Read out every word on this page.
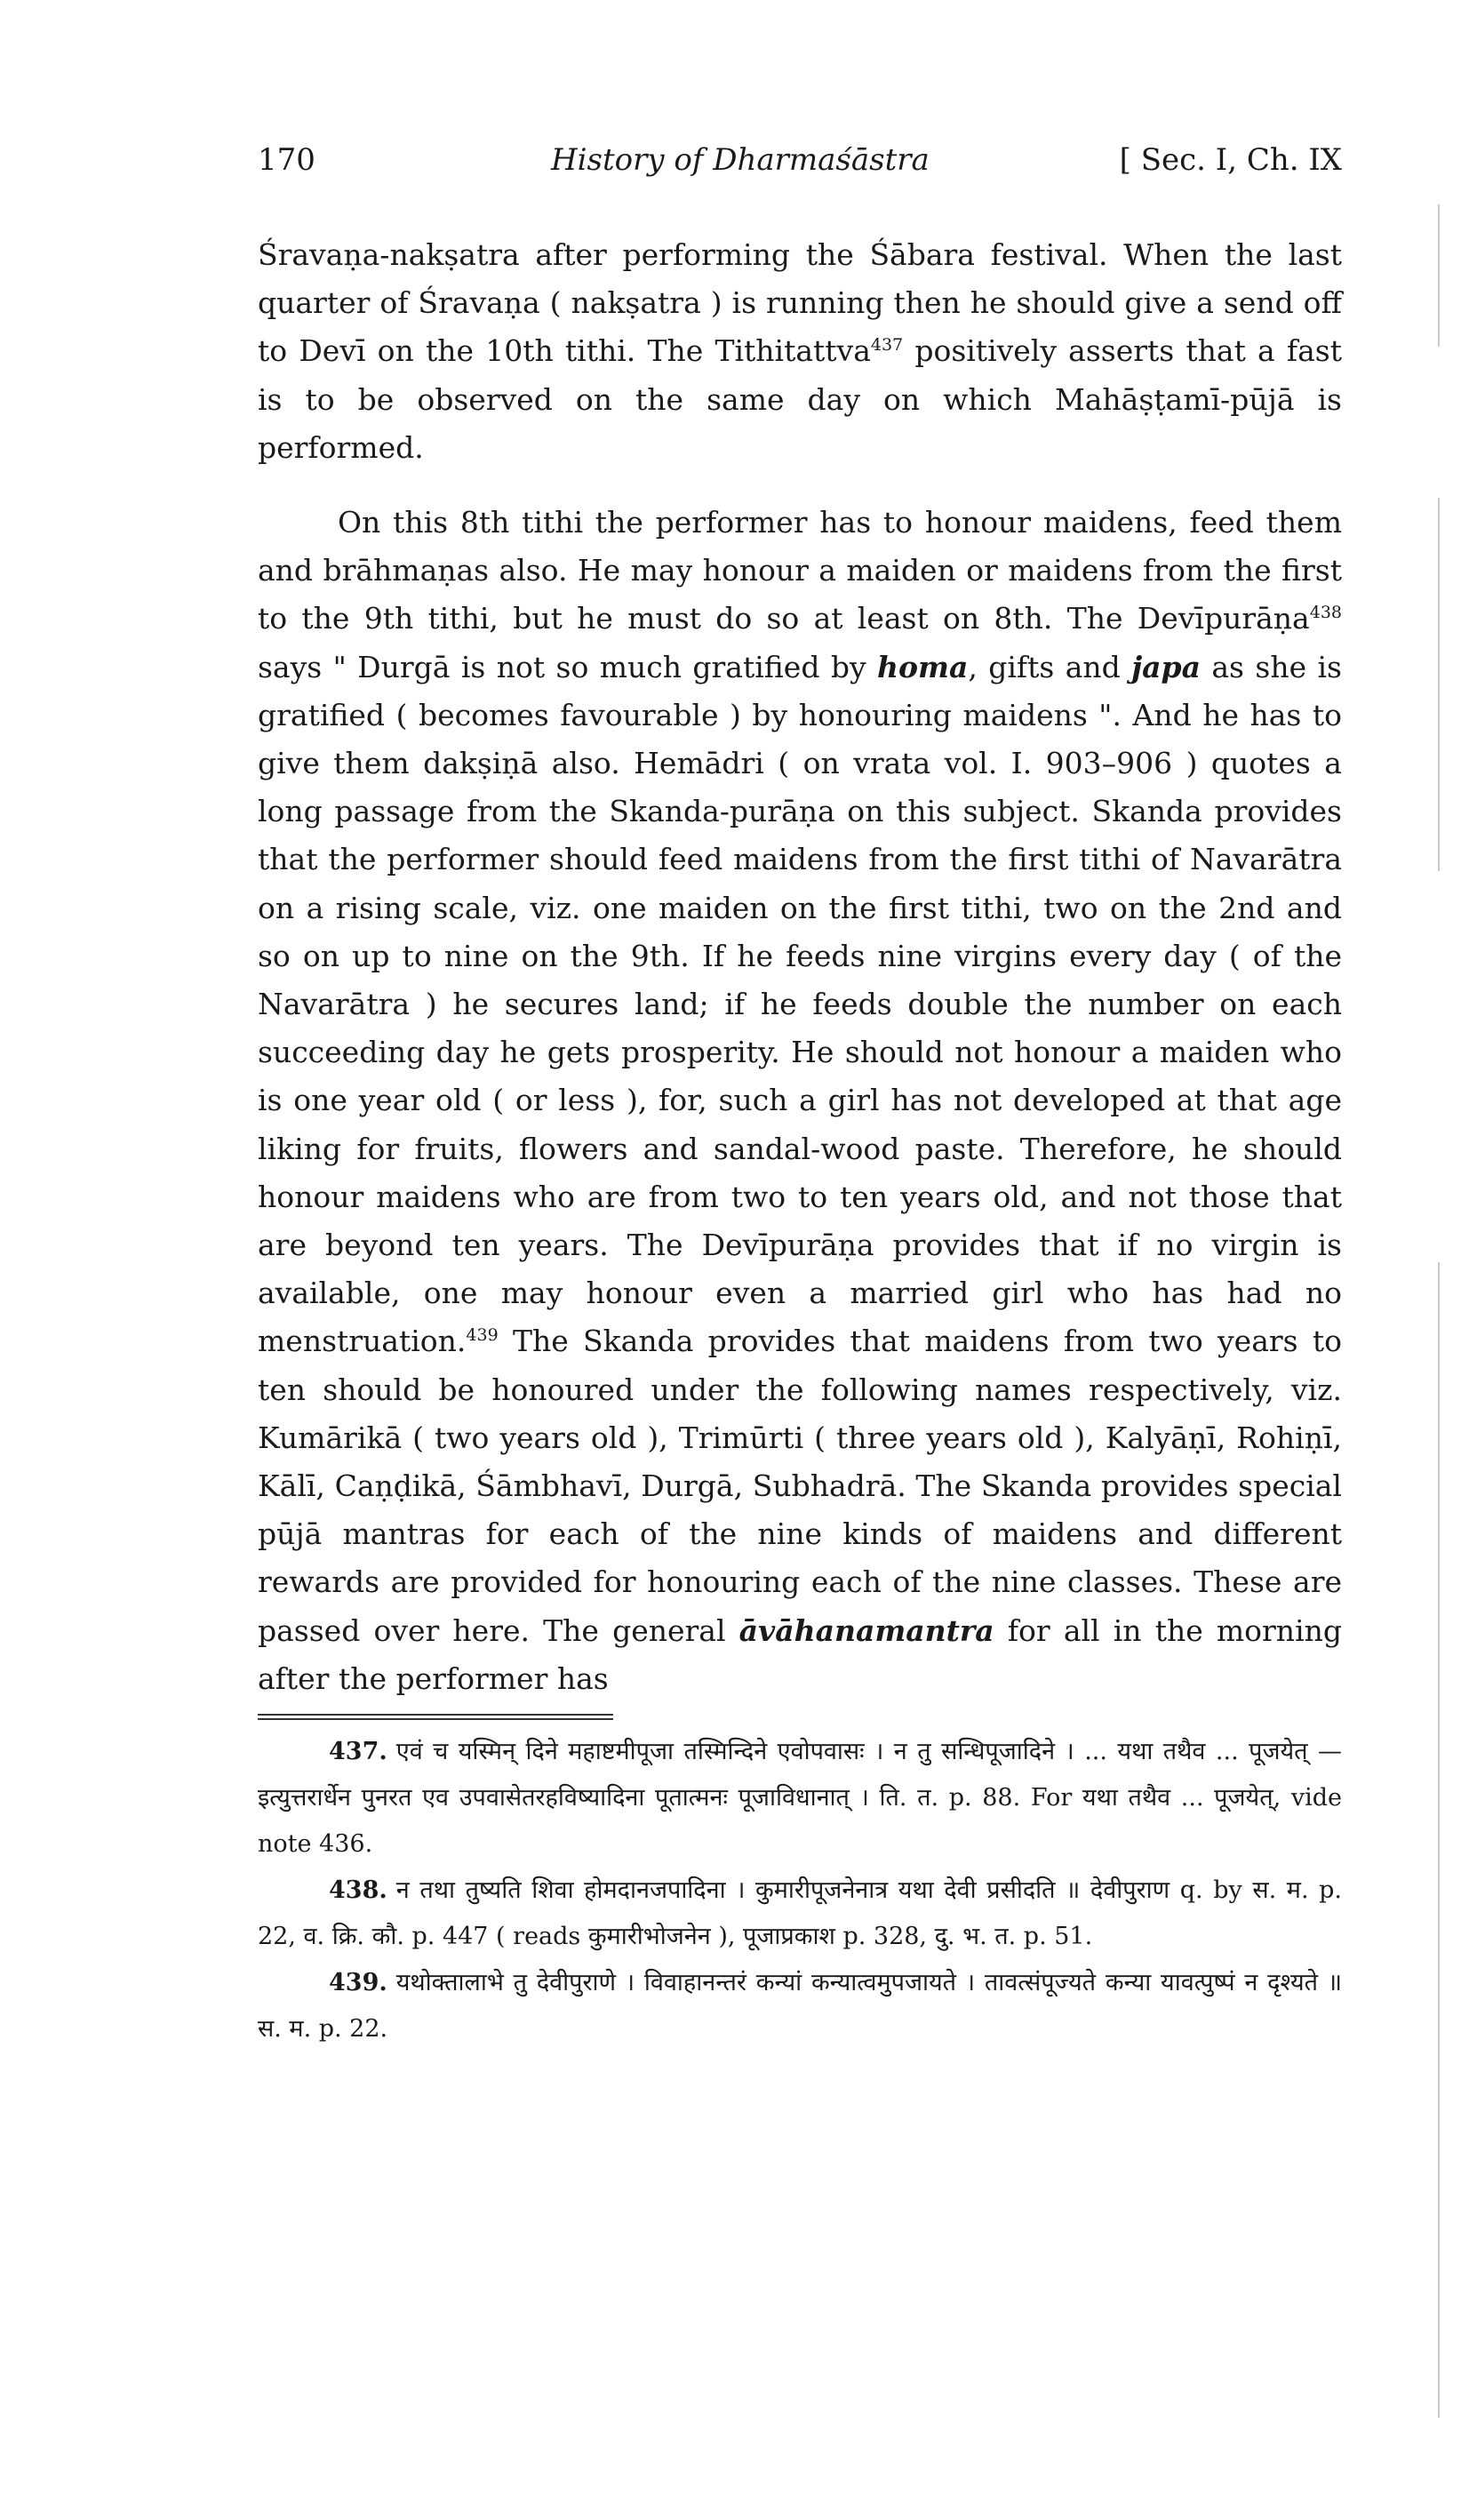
170	History of Dharmaśāstra	[ Sec. I, Ch. IX

Śravaṇa-nakṣatra after performing the Śābara festival. When the last quarter of Śravaṇa ( nakṣatra ) is running then he should give a send off to Devī on the 10th tithi. The Tithitattva$^{437}$ positively asserts that a fast is to be observed on the same day on which Mahāṣṭamī-pūjā is performed.

On this 8th tithi the performer has to honour maidens, feed them and brāhmaṇas also. He may honour a maiden or maidens from the first to the 9th tithi, but he must do so at least on 8th. The Devīpurāṇa$^{438}$ says " Durgā is not so much gratified by homa, gifts and japa as she is gratified ( becomes favourable ) by honouring maidens ". And he has to give them dakṣiṇā also. Hemādri ( on vrata vol. I. 903–906 ) quotes a long passage from the Skanda-purāṇa on this subject. Skanda provides that the performer should feed maidens from the first tithi of Navarātra on a rising scale, viz. one maiden on the first tithi, two on the 2nd and so on up to nine on the 9th. If he feeds nine virgins every day ( of the Navarātra ) he secures land; if he feeds double the number on each succeeding day he gets prosperity. He should not honour a maiden who is one year old ( or less ), for, such a girl has not developed at that age liking for fruits, flowers and sandal-wood paste. Therefore, he should honour maidens who are from two to ten years old, and not those that are beyond ten years. The Devīpurāṇa provides that if no virgin is available, one may honour even a married girl who has had no menstruation.$^{439}$ The Skanda provides that maidens from two years to ten should be honoured under the following names respectively, viz. Kumārikā ( two years old ), Trimūrti ( three years old ), Kalyāṇī, Rohiṇī, Kālī, Caṇḍikā, Śāmbhavī, Durgā, Subhadrā. The Skanda provides special pūjā mantras for each of the nine kinds of maidens and different rewards are provided for honouring each of the nine classes. These are passed over here. The general āvāhanamantra for all in the morning after the performer has

437. एवं च यस्मिन् दिने महाष्टमीपूजा तस्मिन्दिने एवोपवासः । न तु सन्धिपूजादिने । ... यथा तथैव ... पूजयेत् — इत्युत्तरार्धेन पुनरत एव उपवासेतरहविष्यादिना पूतात्मनः पूजाविधानात् । ति. त. p. 88. For यथा तथैव ... पूजयेत्, vide note 436.

438. न तथा तुष्यति शिवा होमदानजपादिना । कुमारीपूजनेनात्र यथा देवी प्रसीदति ॥ देवीपुराण q. by स. म. p. 22, व. क्रि. कौ. p. 447 ( reads कुमारीभोजनेन ), पूजाप्रकाश p. 328, दु. भ. त. p. 51.

439. यथोक्तालाभे तु देवीपुराणे । विवाहानन्तरं कन्यां कन्यात्वमुपजायते । तावत्संपूज्यते कन्या यावत्पुष्पं न दृश्यते ॥ स. म. p. 22.
